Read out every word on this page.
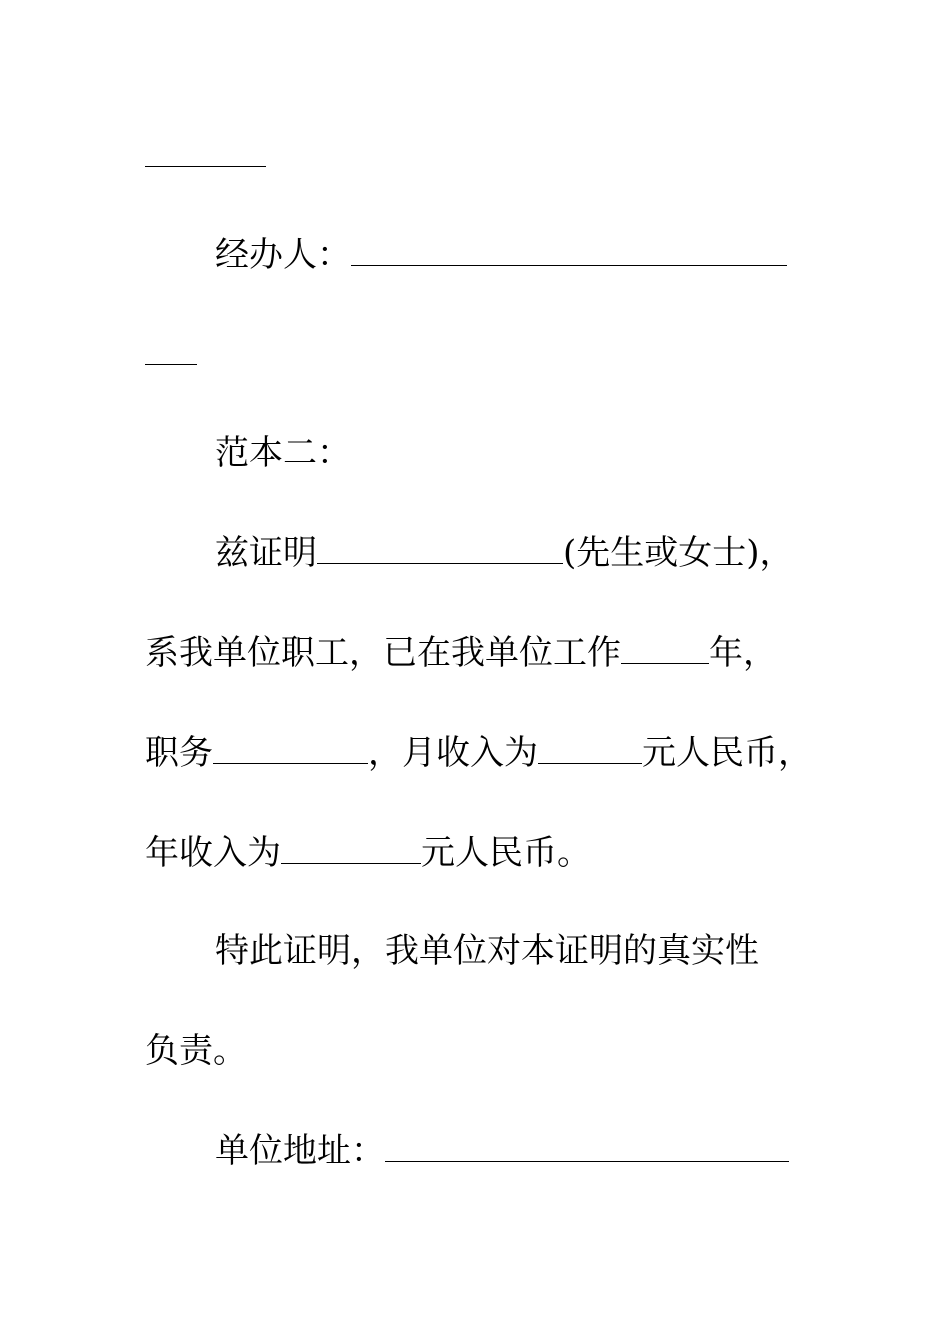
经办人：
范本二：
兹证明	(先生或女士)，
系我单位职工，已在我单位工作	年，
职务	，月收入为	元人民币，
年收入为	元人民币。
特此证明，我单位对本证明的真实性
负责。
单位地址：
